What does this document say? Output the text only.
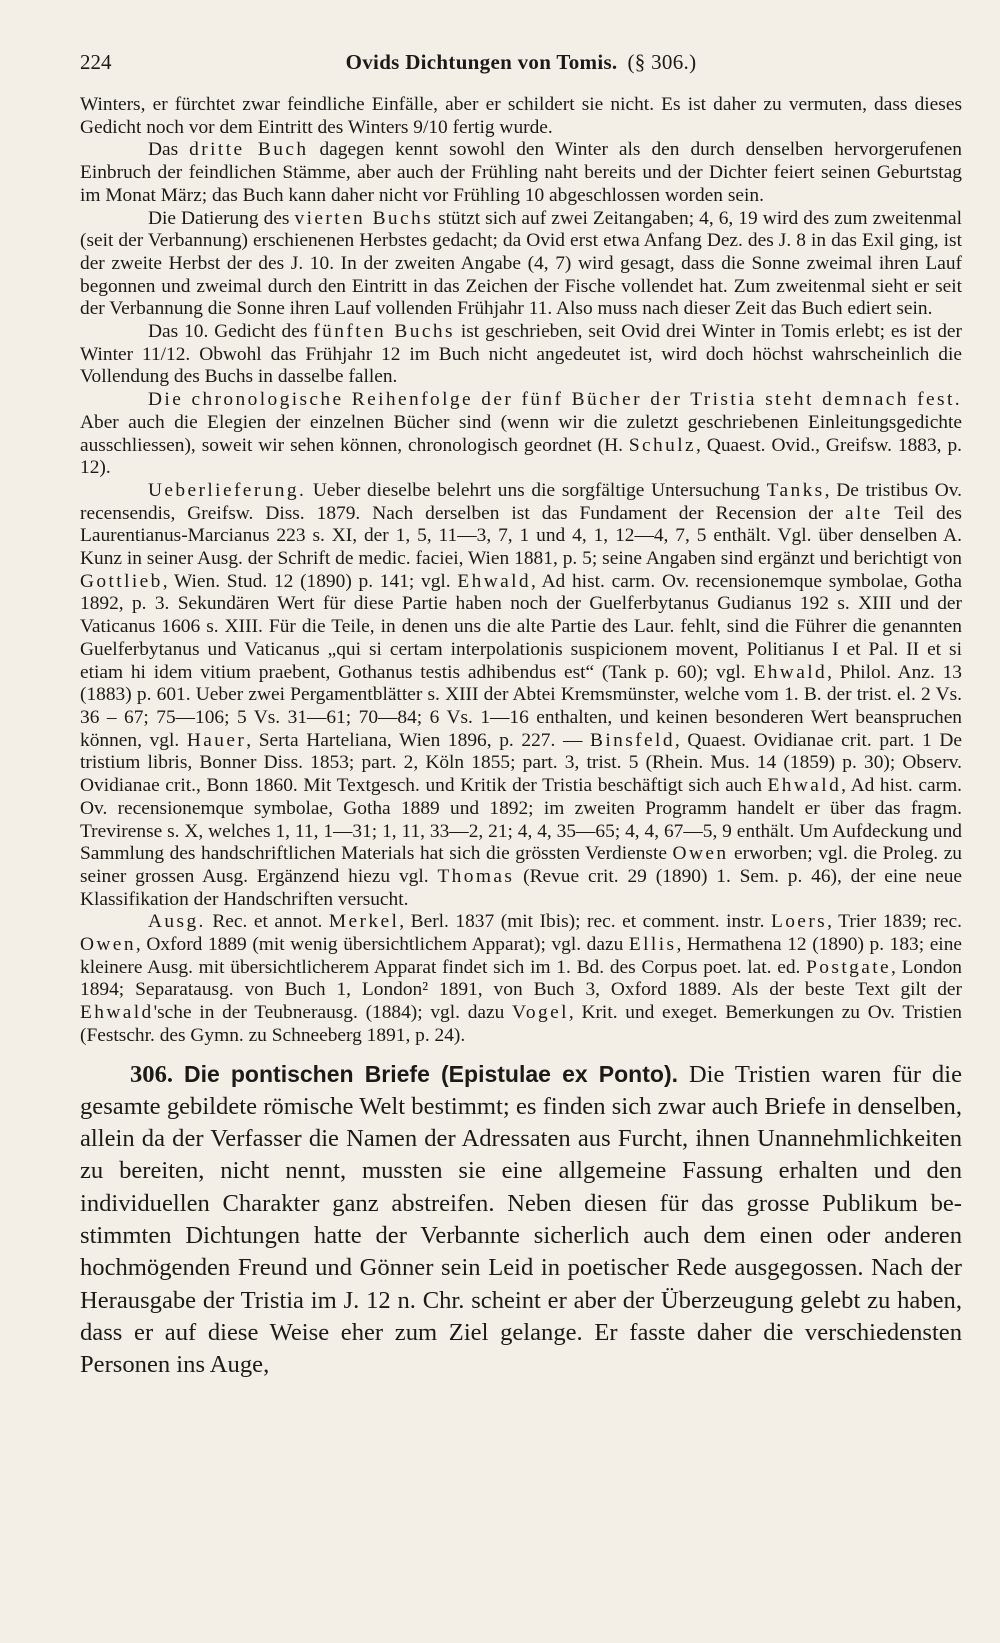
224	Ovids Dichtungen von Tomis. (§ 306.)

Winters, er fürchtet zwar feindliche Einfälle, aber er schildert sie nicht. Es ist daher zu vermuten, dass dieses Gedicht noch vor dem Eintritt des Winters 9/10 fertig wurde.

Das dritte Buch dagegen kennt sowohl den Winter als den durch denselben hervorgerufenen Einbruch der feindlichen Stämme, aber auch der Frühling naht bereits und der Dichter feiert seinen Geburtstag im Monat März; das Buch kann daher nicht vor Frühling 10 abgeschlossen worden sein.

Die Datierung des vierten Buchs stützt sich auf zwei Zeitangaben; 4, 6, 19 wird des zum zweitenmal (seit der Verbannung) erschienenen Herbstes gedacht; da Ovid erst etwa Anfang Dez. des J. 8 in das Exil ging, ist der zweite Herbst der des J. 10. In der zweiten Angabe (4, 7) wird gesagt, dass die Sonne zweimal ihren Lauf begonnen und zweimal durch den Eintritt in das Zeichen der Fische vollendet hat. Zum zweitenmal sieht er seit der Verbannung die Sonne ihren Lauf vollenden Frühjahr 11. Also muss nach dieser Zeit das Buch ediert sein.

Das 10. Gedicht des fünften Buchs ist geschrieben, seit Ovid drei Winter in Tomis erlebt; es ist der Winter 11/12. Obwohl das Frühjahr 12 im Buch nicht angedeutet ist, wird doch höchst wahrscheinlich die Vollendung des Buchs in dasselbe fallen.

Die chronologische Reihenfolge der fünf Bücher der Tristia steht demnach fest. Aber auch die Elegien der einzelnen Bücher sind (wenn wir die zuletzt geschriebenen Einleitungsgedichte ausschliessen), soweit wir sehen können, chronologisch geordnet (H. Schulz, Quaest. Ovid., Greifsw. 1883, p. 12).

Ueberlieferung. Ueber dieselbe belehrt uns die sorgfältige Untersuchung Tanks, De tristibus Ov. recensendis, Greifsw. Diss. 1879. Nach derselben ist das Fundament der Recension der alte Teil des Laurentianus-Marcianus 223 s. XI, der 1, 5, 11—3, 7, 1 und 4, 1, 12—4, 7, 5 enthält. Vgl. über denselben A. Kunz in seiner Ausg. der Schrift de medic. faciei, Wien 1881, p. 5; seine Angaben sind ergänzt und berichtigt von Gottlieb, Wien. Stud. 12 (1890) p. 141; vgl. Ehwald, Ad hist. carm. Ov. recensionemque symbolae, Gotha 1892, p. 3. Sekundären Wert für diese Partie haben noch der Guelferbytanus Gudianus 192 s. XIII und der Vaticanus 1606 s. XIII. Für die Teile, in denen uns die alte Partie des Laur. fehlt, sind die Führer die genannten Guelferbytanus und Vaticanus „qui si certam interpolationis suspicionem movent, Politianus I et Pal. II et si etiam hi idem vitium praebent, Gothanus testis adhibendus est“ (Tank p. 60); vgl. Ehwald, Philol. Anz. 13 (1883) p. 601. Ueber zwei Pergamentblätter s. XIII der Abtei Kremsmünster, welche vom 1. B. der trist. el. 2 Vs. 36 – 67; 75—106; 5 Vs. 31—61; 70—84; 6 Vs. 1—16 enthalten, und keinen besonderen Wert beanspruchen können, vgl. Hauer, Serta Harteliana, Wien 1896, p. 227. — Binsfeld, Quaest. Ovidianae crit. part. 1 De tristium libris, Bonner Diss. 1853; part. 2, Köln 1855; part. 3, trist. 5 (Rhein. Mus. 14 (1859) p. 30); Observ. Ovidianae crit., Bonn 1860. Mit Textgesch. und Kritik der Tristia beschäftigt sich auch Ehwald, Ad hist. carm. Ov. recensionemque symbolae, Gotha 1889 und 1892; im zweiten Programm handelt er über das fragm. Trevirense s. X, welches 1, 11, 1—31; 1, 11, 33—2, 21; 4, 4, 35—65; 4, 4, 67—5, 9 enthält. Um Aufdeckung und Sammlung des handschriftlichen Materials hat sich die grössten Verdienste Owen erworben; vgl. die Proleg. zu seiner grossen Ausg. Ergänzend hiezu vgl. Thomas (Revue crit. 29 (1890) 1. Sem. p. 46), der eine neue Klassifikation der Handschriften versucht.

Ausg. Rec. et annot. Merkel, Berl. 1837 (mit Ibis); rec. et comment. instr. Loers, Trier 1839; rec. Owen, Oxford 1889 (mit wenig übersichtlichem Apparat); vgl. dazu Ellis, Hermathena 12 (1890) p. 183; eine kleinere Ausg. mit übersichtlicherem Apparat findet sich im 1. Bd. des Corpus poet. lat. ed. Postgate, London 1894; Separatausg. von Buch 1, London² 1891, von Buch 3, Oxford 1889. Als der beste Text gilt der Ehwald'sche in der Teubnerausg. (1884); vgl. dazu Vogel, Krit. und exeget. Bemerkungen zu Ov. Tristien (Festschr. des Gymn. zu Schneeberg 1891, p. 24).

306. Die pontischen Briefe (Epistulae ex Ponto). Die Tristien waren für die gesamte gebildete römische Welt bestimmt; es finden sich zwar auch Briefe in denselben, allein da der Verfasser die Namen der Adressaten aus Furcht, ihnen Unannehmlichkeiten zu bereiten, nicht nennt, mussten sie eine allgemeine Fassung erhalten und den individuellen Charakter ganz abstreifen. Neben diesen für das grosse Publikum bestimmten Dichtungen hatte der Verbannte sicherlich auch dem einen oder anderen hochmögenden Freund und Gönner sein Leid in poetischer Rede ausgegossen. Nach der Herausgabe der Tristia im J. 12 n. Chr. scheint er aber der Überzeugung gelebt zu haben, dass er auf diese Weise eher zum Ziel gelange. Er fasste daher die verschiedensten Personen ins Auge,
